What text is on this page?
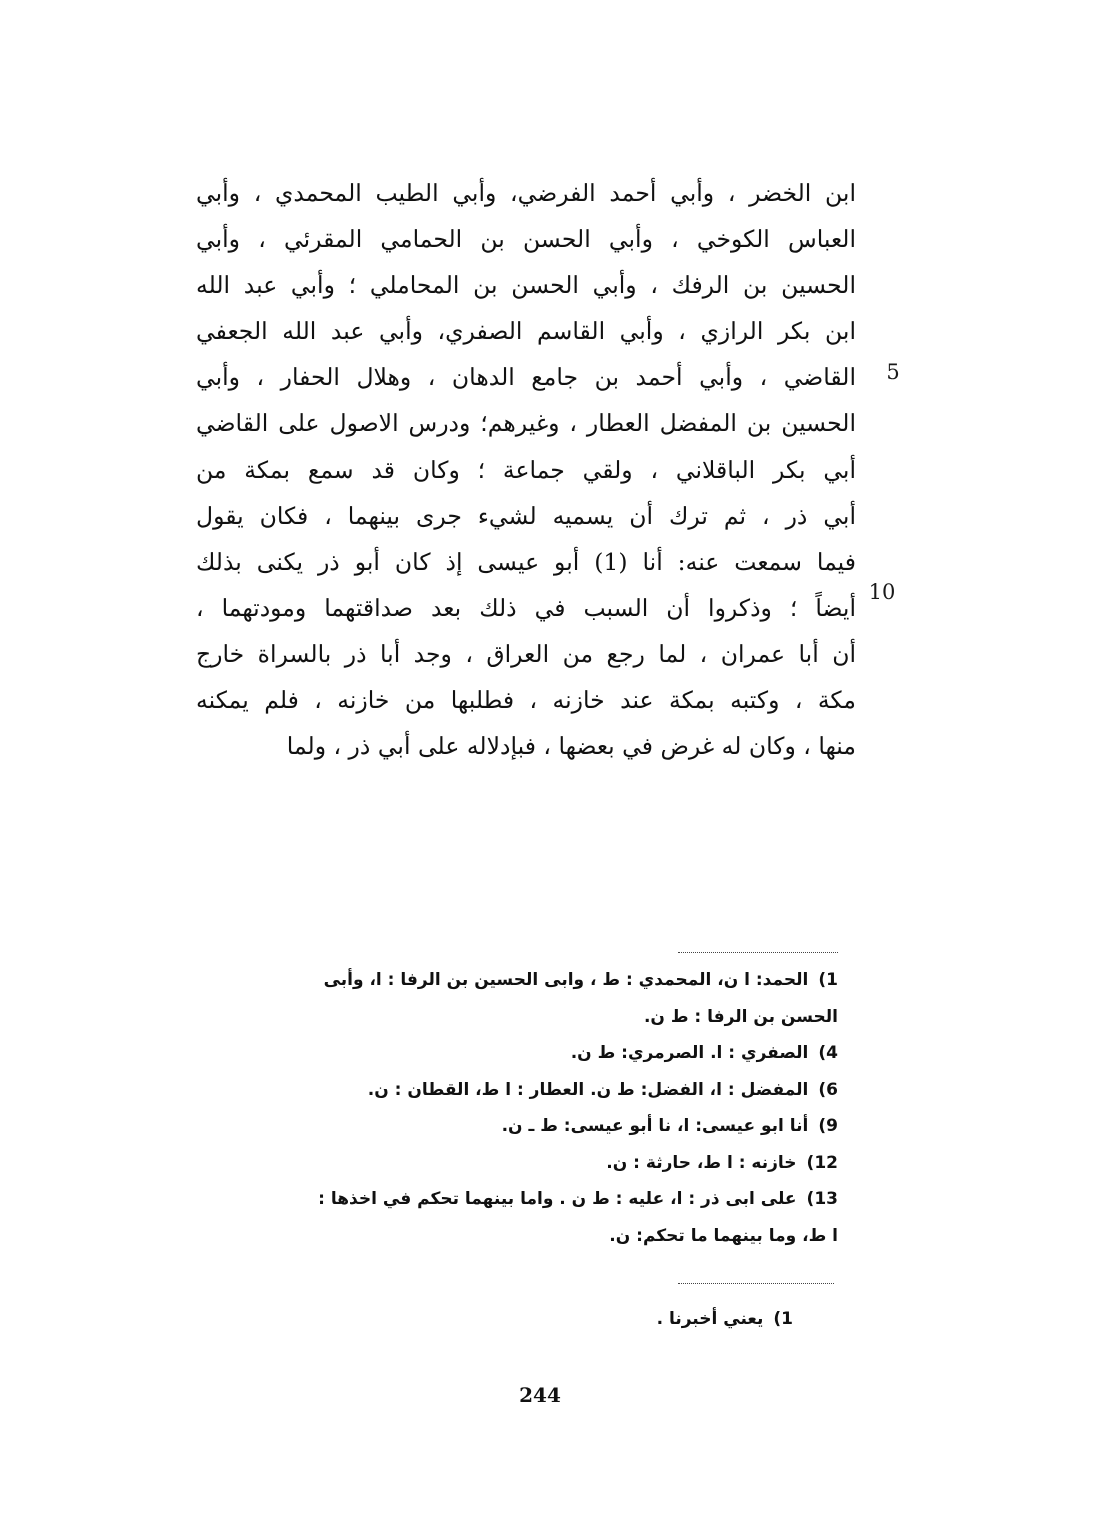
ابن الخضر ، وأبي أحمد الفرضي، وأبي الطيب المحمدي ، وأبي
العباس الكوخي ، وأبي الحسن بن الحمامي المقرئي ، وأبي
الحسين بن الرفك ، وأبي الحسن بن المحاملي ؛ وأبي عبد الله
ابن بكر الرازي ، وأبي القاسم الصفري، وأبي عبد الله الجعفي
القاضي ، وأبي أحمد بن جامع الدهان ، وهلال الحفار ، وأبي
الحسين بن المفضل العطار ، وغيرهم؛ ودرس الاصول على القاضي
أبي بكر الباقلاني ، ولقي جماعة ؛ وكان قد سمع بمكة من
أبي ذر ، ثم ترك أن يسميه لشيء جرى بينهما ، فكان يقول
فيما سمعت عنه: أنا (1) أبو عيسى إذ كان أبو ذر يكنى بذلك
أيضاً ؛ وذكروا أن السبب في ذلك بعد صداقتهما ومودتهما ،
أن أبا عمران ، لما رجع من العراق ، وجد أبا ذر بالسراة خارج
مكة ، وكتبه بمكة عند خازنه ، فطلبها من خازنه ، فلم يمكنه
منها ، وكان له غرض في بعضها ، فبإدلاله على أبي ذر ، ولما
5
10
1)الحمد: ا ن، المحمدي : ط ، وابى الحسين بن الرفا : ا، وأبى
الحسن بن الرفا : ط ن.
4)الصفري : ا. الصرمري: ط ن.
6)المفضل : ا، الفضل: ط ن. العطار : ا ط، القطان : ن.
9)أنا ابو عيسى: ا، نا أبو عيسى: ط ـ ن.
12)خازنه : ا ط، حارثة : ن.
13)على ابى ذر : ا، عليه : ط ن . واما بينهما تحكم في اخذها :
ا ط، وما بينهما ما تحكم: ن.
1)يعني أخبرنا .
244
